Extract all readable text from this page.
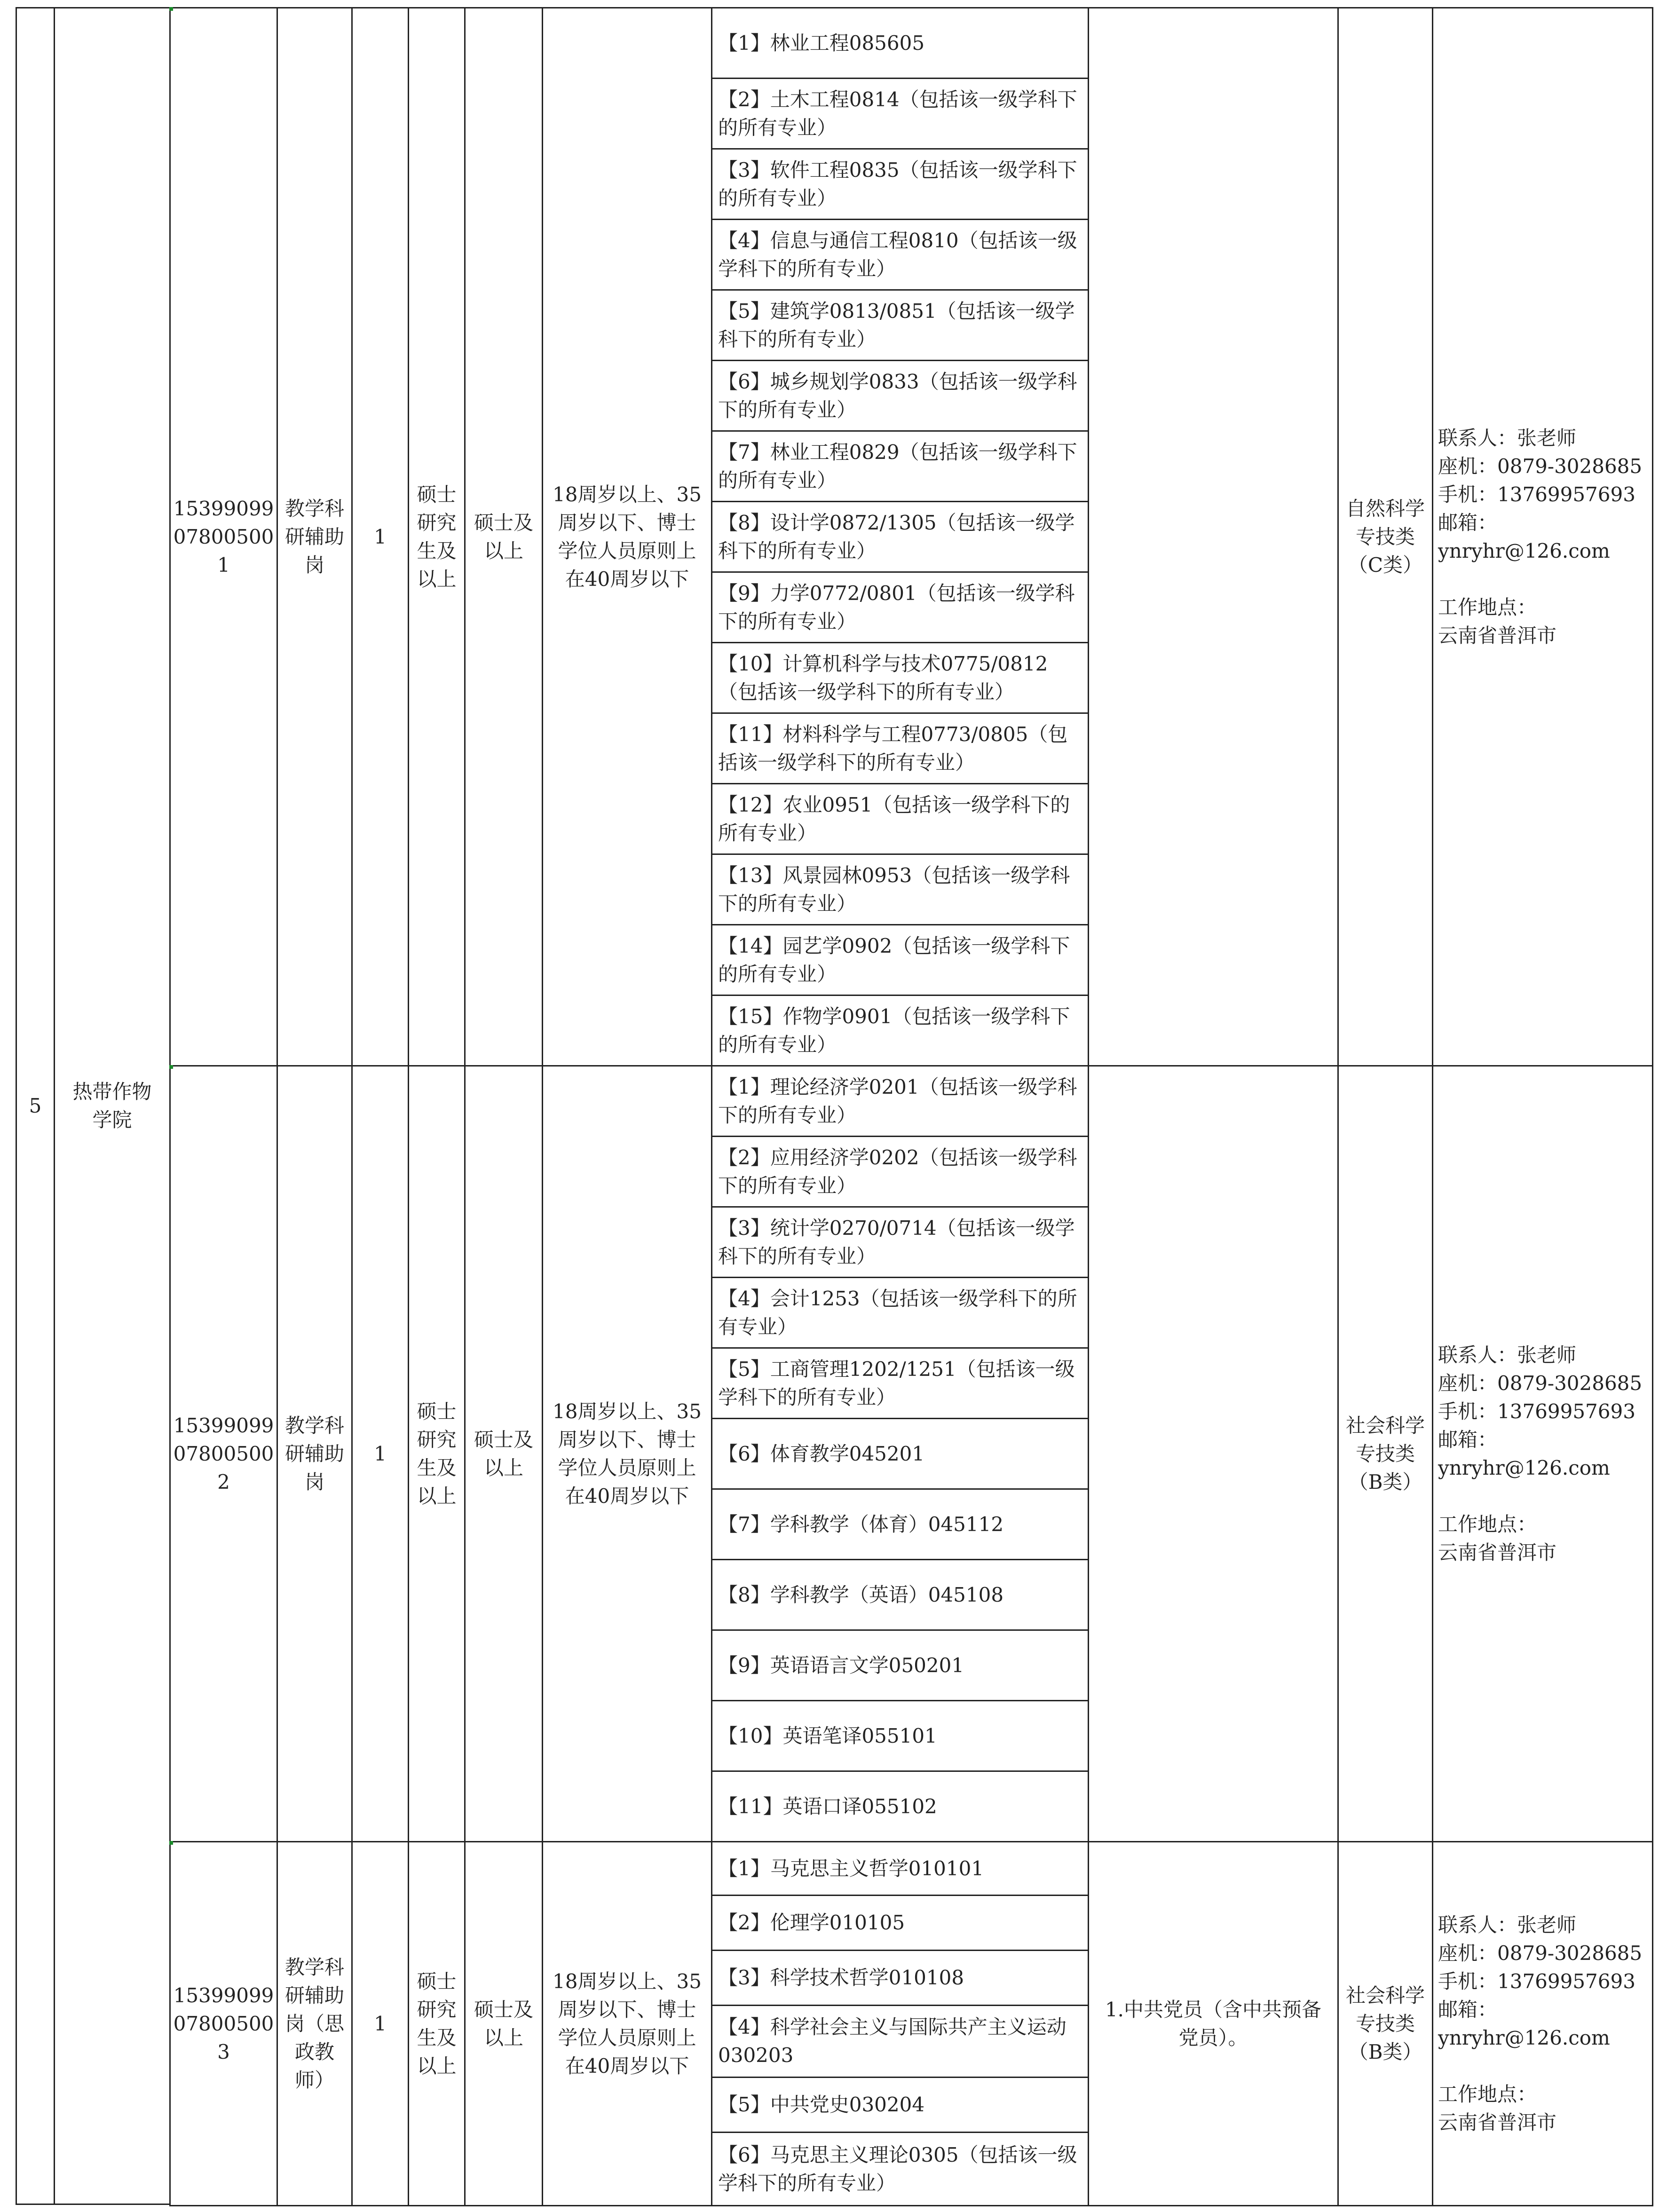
5
热带作物学院
15399099 07800500 1
教学科研辅助岗
1
硕士研究生及以上
硕士及以上
18周岁以上、35周岁以下、博士学位人员原则上在40周岁以下
自然科学专技类（C类）
联系人：张老师
座机：0879-3028685
手机：13769957693
邮箱：
ynryhr@126.com

工作地点：
云南省普洱市
【1】林业工程085605
【2】土木工程0814（包括该一级学科下的所有专业）
【3】软件工程0835（包括该一级学科下的所有专业）
【4】信息与通信工程0810（包括该一级学科下的所有专业）
【5】建筑学0813/0851（包括该一级学科下的所有专业）
【6】城乡规划学0833（包括该一级学科下的所有专业）
【7】林业工程0829（包括该一级学科下的所有专业）
【8】设计学0872/1305（包括该一级学科下的所有专业）
【9】力学0772/0801（包括该一级学科下的所有专业）
【10】计算机科学与技术0775/0812（包括该一级学科下的所有专业）
【11】材料科学与工程0773/0805（包括该一级学科下的所有专业）
【12】农业0951（包括该一级学科下的所有专业）
【13】风景园林0953（包括该一级学科下的所有专业）
【14】园艺学0902（包括该一级学科下的所有专业）
【15】作物学0901（包括该一级学科下的所有专业）
15399099 07800500 2
教学科研辅助岗
1
硕士研究生及以上
硕士及以上
18周岁以上、35周岁以下、博士学位人员原则上在40周岁以下
社会科学专技类（B类）
联系人：张老师
座机：0879-3028685
手机：13769957693
邮箱：
ynryhr@126.com

工作地点：
云南省普洱市
【1】理论经济学0201（包括该一级学科下的所有专业）
【2】应用经济学0202（包括该一级学科下的所有专业）
【3】统计学0270/0714（包括该一级学科下的所有专业）
【4】会计1253（包括该一级学科下的所有专业）
【5】工商管理1202/1251（包括该一级学科下的所有专业）
【6】体育教学045201
【7】学科教学（体育）045112
【8】学科教学（英语）045108
【9】英语语言文学050201
【10】英语笔译055101
【11】英语口译055102
15399099 07800500 3
教学科研辅助岗（思政教师）
1
硕士研究生及以上
硕士及以上
18周岁以上、35周岁以下、博士学位人员原则上在40周岁以下
1.中共党员（含中共预备党员）。
社会科学专技类（B类）
联系人：张老师
座机：0879-3028685
手机：13769957693
邮箱：
ynryhr@126.com

工作地点：
云南省普洱市
【1】马克思主义哲学010101
【2】伦理学010105
【3】科学技术哲学010108
【4】科学社会主义与国际共产主义运动030203
【5】中共党史030204
【6】马克思主义理论0305（包括该一级学科下的所有专业）
